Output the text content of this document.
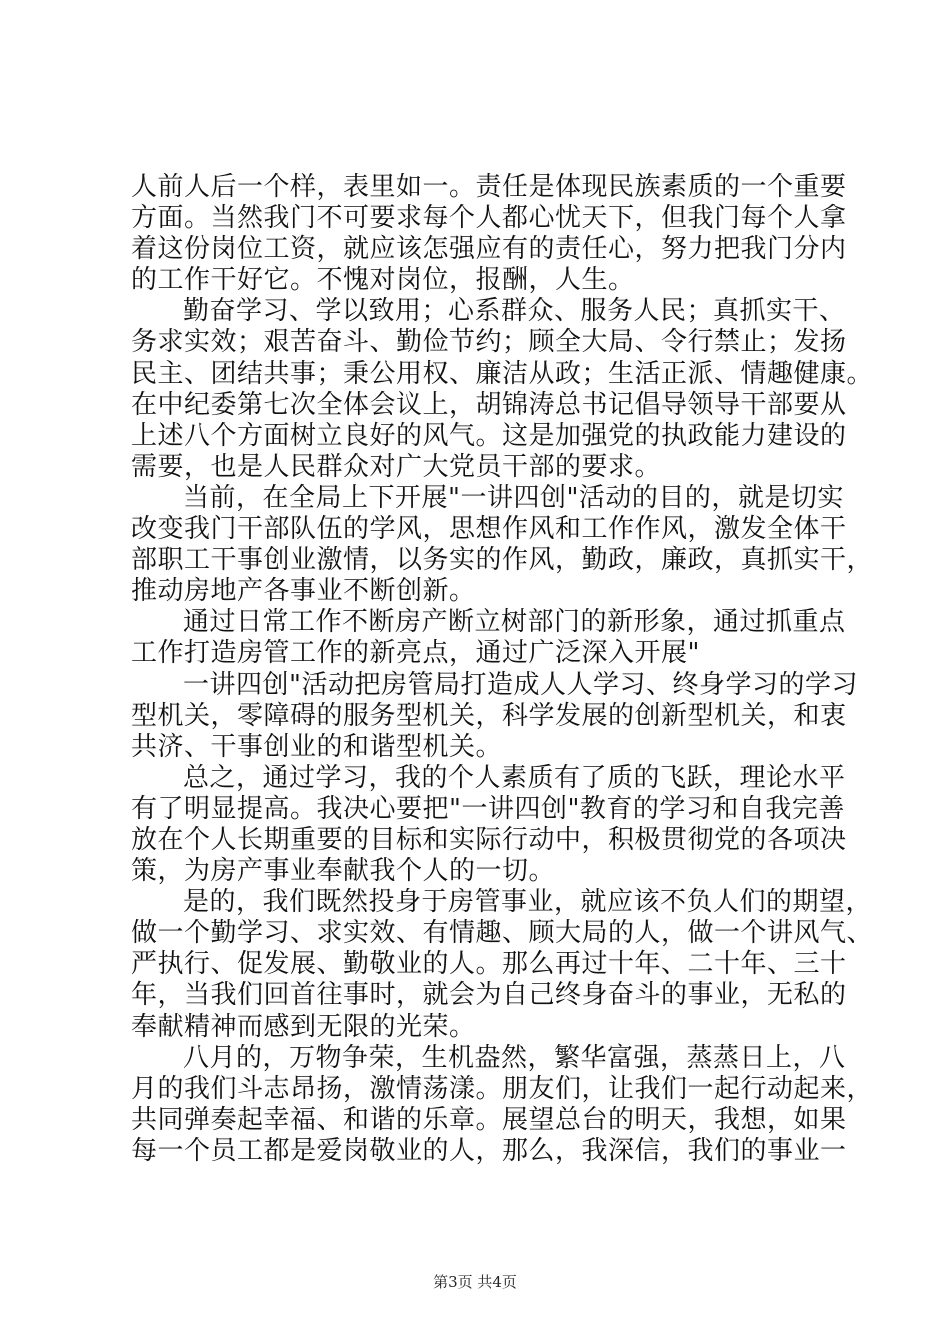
人前人后一个样，表里如一。责任是体现民族素质的一个重要
方面。当然我门不可要求每个人都心忧天下，但我门每个人拿
着这份岗位工资，就应该怎强应有的责任心，努力把我门分内
的工作干好它。不愧对岗位，报酬，人生。
勤奋学习、学以致用；心系群众、服务人民；真抓实干、
务求实效；艰苦奋斗、勤俭节约；顾全大局、令行禁止；发扬
民主、团结共事；秉公用权、廉洁从政；生活正派、情趣健康。
在中纪委第七次全体会议上，胡锦涛总书记倡导领导干部要从
上述八个方面树立良好的风气。这是加强党的执政能力建设的
需要，也是人民群众对广大党员干部的要求。
当前，在全局上下开展"一讲四创"活动的目的，就是切实
改变我门干部队伍的学风，思想作风和工作作风，激发全体干
部职工干事创业激情，以务实的作风，勤政，廉政，真抓实干，
推动房地产各事业不断创新。
通过日常工作不断房产断立树部门的新形象，通过抓重点
工作打造房管工作的新亮点，通过广泛深入开展"
一讲四创"活动把房管局打造成人人学习、终身学习的学习
型机关，零障碍的服务型机关，科学发展的创新型机关，和衷
共济、干事创业的和谐型机关。
总之，通过学习，我的个人素质有了质的飞跃，理论水平
有了明显提高。我决心要把"一讲四创"教育的学习和自我完善
放在个人长期重要的目标和实际行动中，积极贯彻党的各项决
策，为房产事业奉献我个人的一切。
是的，我们既然投身于房管事业，就应该不负人们的期望，
做一个勤学习、求实效、有情趣、顾大局的人，做一个讲风气、
严执行、促发展、勤敬业的人。那么再过十年、二十年、三十
年，当我们回首往事时，就会为自己终身奋斗的事业，无私的
奉献精神而感到无限的光荣。
八月的，万物争荣，生机盎然，繁华富强，蒸蒸日上，八
月的我们斗志昂扬，激情荡漾。朋友们，让我们一起行动起来，
共同弹奏起幸福、和谐的乐章。展望总台的明天，我想，如果
每一个员工都是爱岗敬业的人，那么，我深信，我们的事业一
第3页 共4页
